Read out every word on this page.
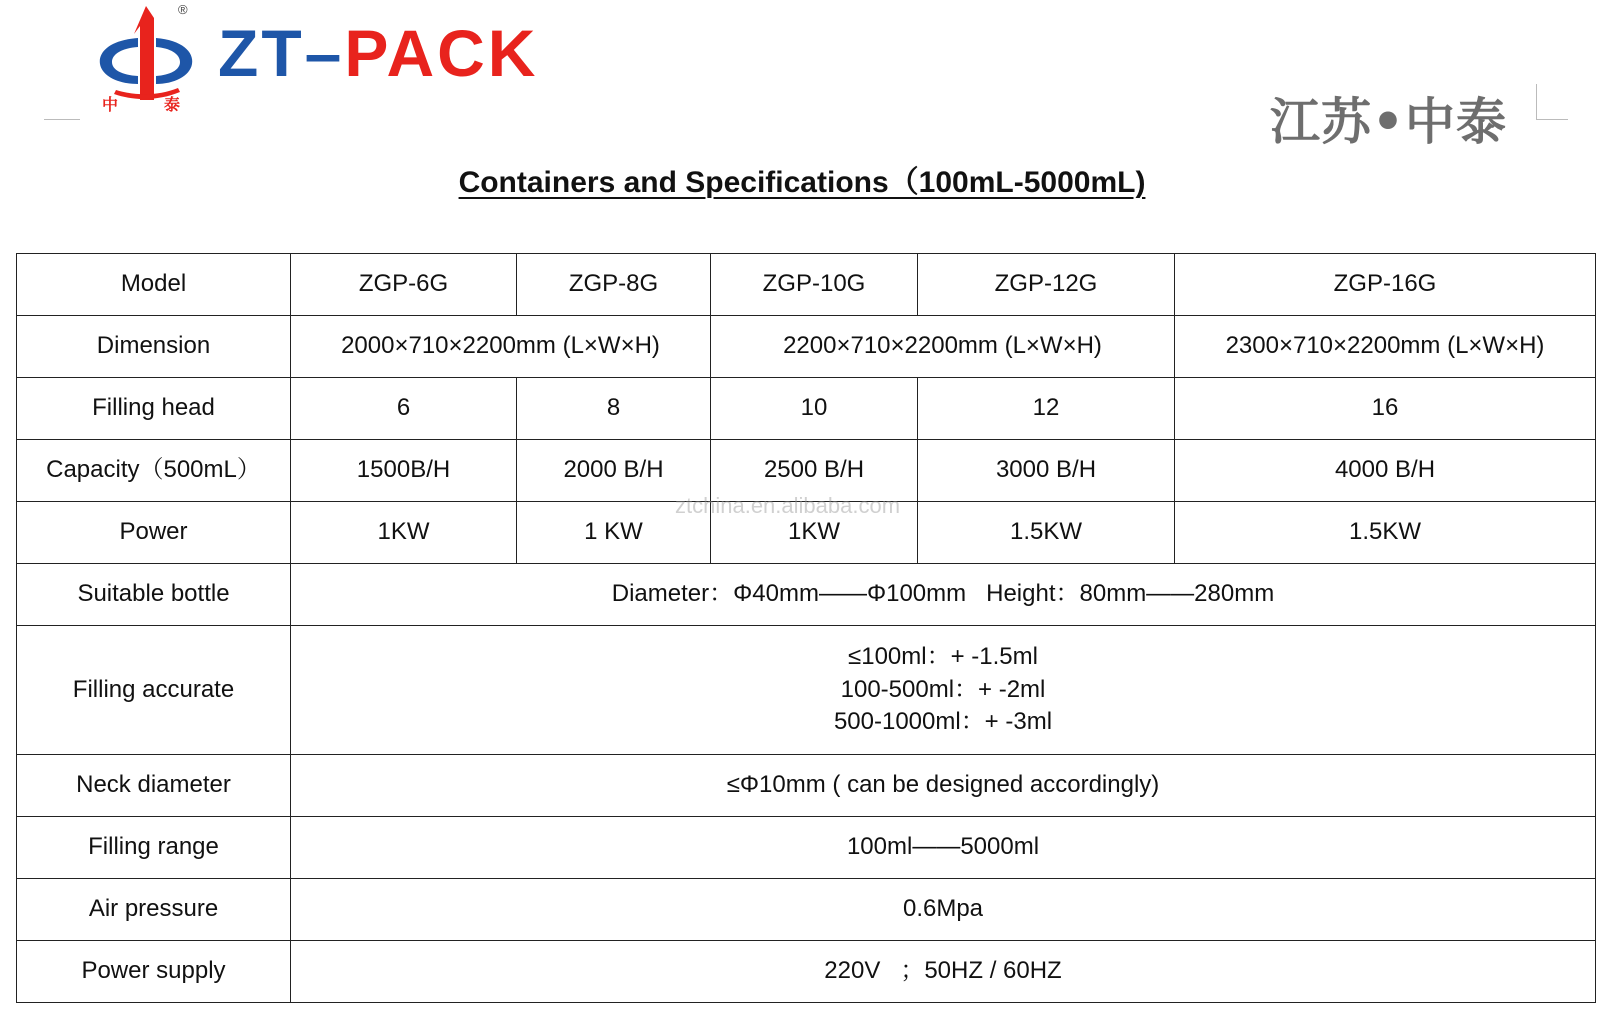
中	泰
®
ZT–PACK
江苏•中泰
Containers and Specifications（100mL-5000mL)
Model	ZGP-6G	ZGP-8G	ZGP-10G	ZGP-12G	ZGP-16G
Dimension	2000×710×2200mm (L×W×H)		2200×710×2200mm (L×W×H)		2300×710×2200mm (L×W×H)
Filling head	6	8	10	12	16
Capacity（500mL）	1500B/H	2000 B/H	2500 B/H	3000 B/H	4000 B/H
Power	1KW	1 KW	1KW	1.5KW	1.5KW
Suitable bottle	Diameter：Φ40mm——Φ100mm   Height：80mm——280mm				
Filling accurate	≤100ml：+ -1.5ml
100-500ml：+ -2ml
500-1000ml：+ -3ml				

Neck diameter	≤Φ10mm ( can be designed accordingly)				
Filling range	100ml——5000ml				
Air pressure	0.6Mpa				
Power supply	220V   ；50HZ / 60HZ				
ztchina.en.alibaba.com
